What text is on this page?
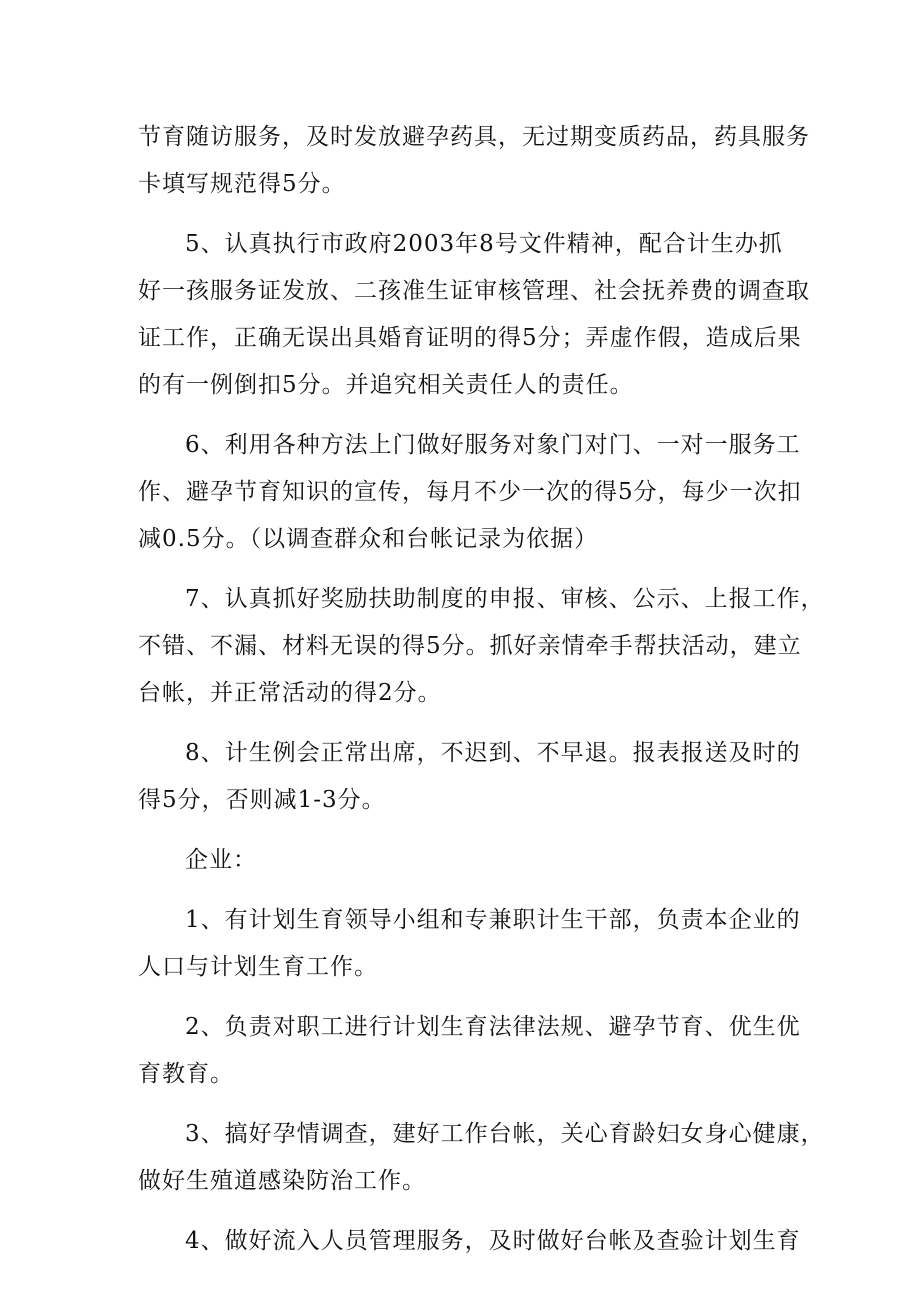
节育随访服务，及时发放避孕药具，无过期变质药品，药具服务
卡填写规范得5分。

5、认真执行市政府2003年8号文件精神，配合计生办抓
好一孩服务证发放、二孩准生证审核管理、社会抚养费的调查取
证工作，正确无误出具婚育证明的得5分；弄虚作假，造成后果
的有一例倒扣5分。并追究相关责任人的责任。

6、利用各种方法上门做好服务对象门对门、一对一服务工
作、避孕节育知识的宣传，每月不少一次的得5分，每少一次扣
减0.5分。（以调查群众和台帐记录为依据）

7、认真抓好奖励扶助制度的申报、审核、公示、上报工作，
不错、不漏、材料无误的得5分。抓好亲情牵手帮扶活动，建立
台帐，并正常活动的得2分。

8、计生例会正常出席，不迟到、不早退。报表报送及时的
得5分，否则减1-3分。

企业：

1、有计划生育领导小组和专兼职计生干部，负责本企业的
人口与计划生育工作。

2、负责对职工进行计划生育法律法规、避孕节育、优生优
育教育。

3、搞好孕情调查，建好工作台帐，关心育龄妇女身心健康，
做好生殖道感染防治工作。

4、做好流入人员管理服务，及时做好台帐及查验计划生育
